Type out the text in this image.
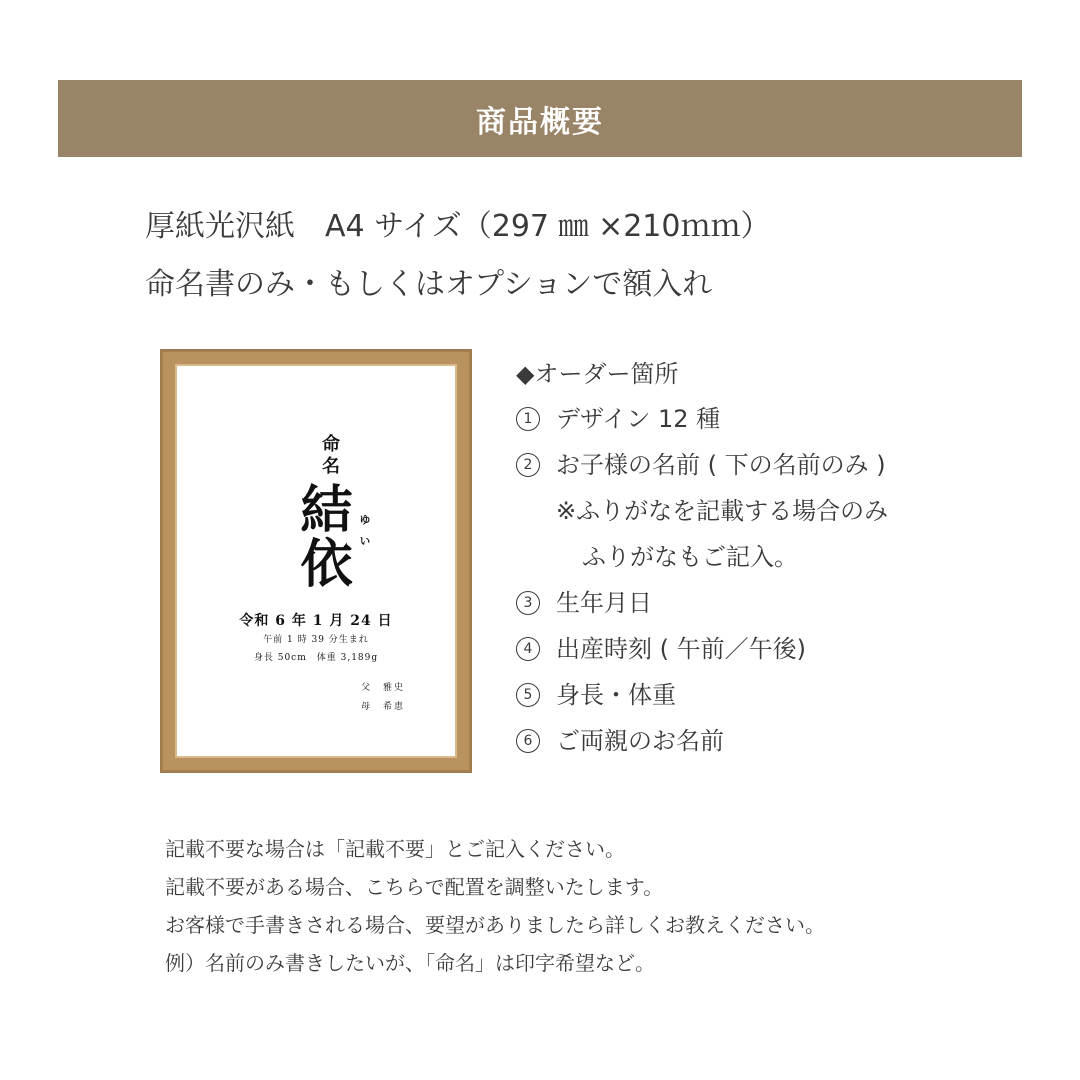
商品概要
厚紙光沢紙　A4 サイズ（297 ㎜ ×210ｍｍ）
命名書のみ・もしくはオプションで額入れ
命名
結依 ゆい
令和 6 年 1 月 24 日
午前 1 時 39 分生まれ
身長 50cm　体重 3,189g
父　雅史
母　希恵
◆オーダー箇所
1 デザイン 12 種
2 お子様の名前 ( 下の名前のみ )
※ふりがなを記載する場合のみ
ふりがなもご記入。
3 生年月日
4 出産時刻 ( 午前／午後)
5 身長・体重
6 ご両親のお名前
記載不要な場合は「記載不要」とご記入ください。
記載不要がある場合、こちらで配置を調整いたします。
お客様で手書きされる場合、要望がありましたら詳しくお教えください。
例）名前のみ書きしたいが、「命名」は印字希望など。
